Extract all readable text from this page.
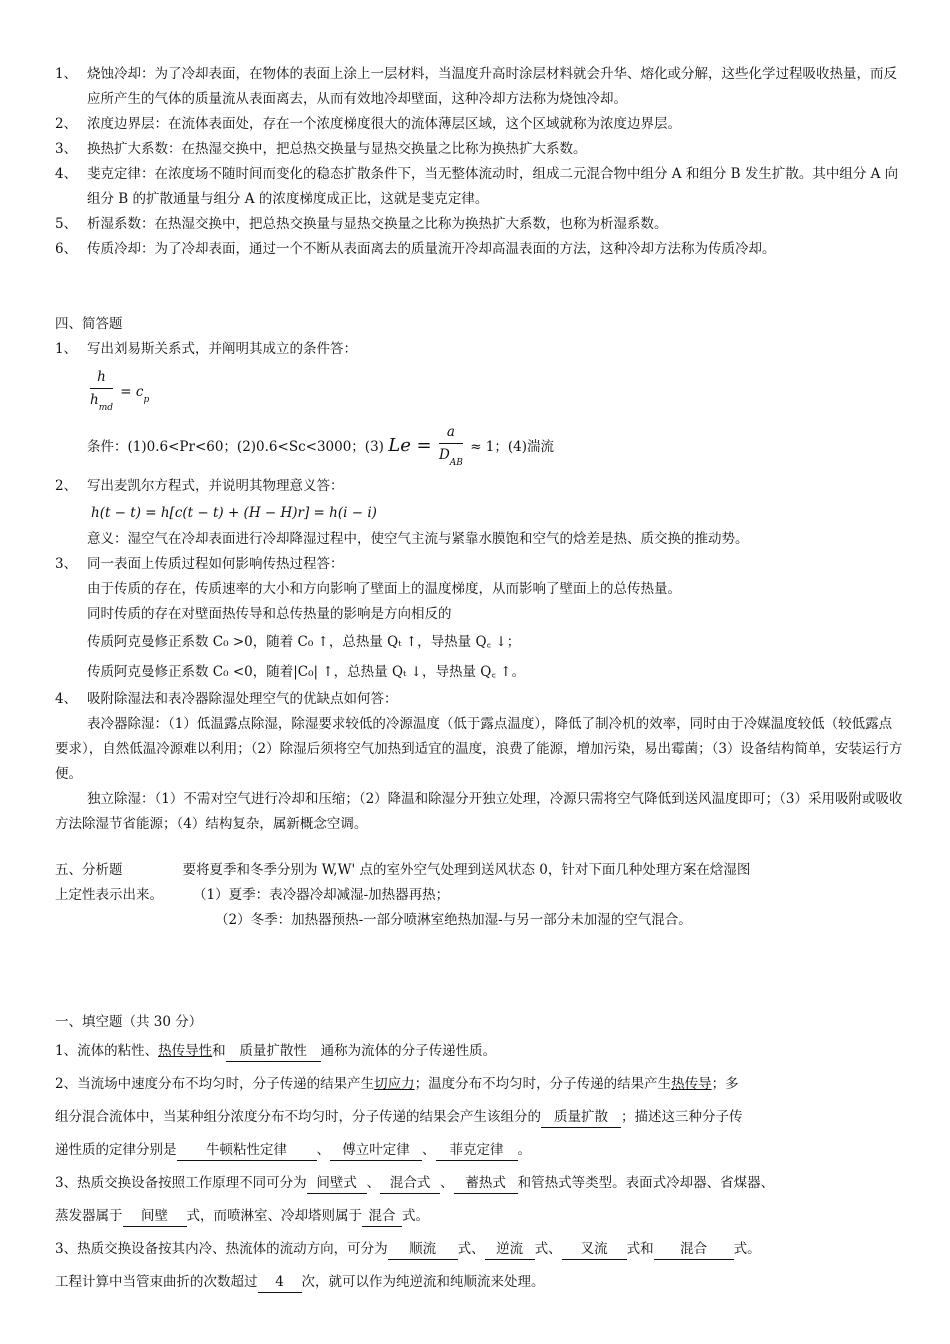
1、 烧蚀冷却：为了冷却表面，在物体的表面上涂上一层材料，当温度升高时涂层材料就会升华、熔化或分解，这些化学过程吸收热量，而反应所产生的气体的质量流从表面离去，从而有效地冷却壁面，这种冷却方法称为烧蚀冷却。
2、 浓度边界层：在流体表面处，存在一个浓度梯度很大的流体薄层区域，这个区域就称为浓度边界层。
3、 换热扩大系数：在热湿交换中，把总热交换量与显热交换量之比称为换热扩大系数。
4、 斐克定律：在浓度场不随时间而变化的稳态扩散条件下，当无整体流动时，组成二元混合物中组分 A 和组分 B 发生扩散。其中组分 A 向组分 B 的扩散通量与组分 A 的浓度梯度成正比，这就是斐克定律。
5、 析湿系数：在热湿交换中，把总热交换量与显热交换量之比称为换热扩大系数，也称为析湿系数。
6、 传质冷却：为了冷却表面，通过一个不断从表面离去的质量流开冷却高温表面的方法，这种冷却方法称为传质冷却。
四、简答题
1、 写出刘易斯关系式，并阐明其成立的条件答：
$\frac{h}{h_{md}} = c_p$
条件：(1)0.6<Pr<60；(2)0.6<Sc<3000；(3) $Le = \frac{a}{D_{AB}} \approx 1$；(4)湍流
2、 写出麦凯尔方程式，并说明其物理意义答：
h(t − t) = h[c(t − t) + (H − H)r] = h(i − i)
意义：湿空气在冷却表面进行冷却降湿过程中，使空气主流与紧靠水膜饱和空气的焓差是热、质交换的推动势。
3、 同一表面上传质过程如何影响传热过程答：
由于传质的存在，传质速率的大小和方向影响了壁面上的温度梯度，从而影响了壁面上的总传热量。
同时传质的存在对壁面热传导和总传热量的影响是方向相反的
传质阿克曼修正系数 C₀ >0，随着 C₀ ↑，总热量 Qₜ ↑，导热量 Q꜀ ↓；
传质阿克曼修正系数 C₀ <0，随着|C₀| ↑，总热量 Qₜ ↓，导热量 Q꜀ ↑。
4、 吸附除湿法和表冷器除湿处理空气的优缺点如何答：
表冷器除湿：（1）低温露点除湿，除湿要求较低的冷源温度（低于露点温度），降低了制冷机的效率，同时由于冷媒温度较低（较低露点要求），自然低温冷源难以利用；（2）除湿后须将空气加热到适宜的温度，浪费了能源，增加污染，易出霉菌；（3）设备结构简单，安装运行方便。
独立除湿：（1）不需对空气进行冷却和压缩；（2）降温和除湿分开独立处理，冷源只需将空气降低到送风温度即可；（3）采用吸附或吸收方法除湿节省能源；（4）结构复杂，属新概念空调。
五、分析题	要将夏季和冬季分别为 W,W' 点的室外空气处理到送风状态 0，针对下面几种处理方案在焓湿图
上定性表示出来。 （1）夏季：表冷器冷却减湿-加热器再热；
（2）冬季：加热器预热-一部分喷淋室绝热加湿-与另一部分未加湿的空气混合。
一、填空题（共 30 分）
1、流体的粘性、热传导性和 质量扩散性 通称为流体的分子传递性质。
2、当流场中速度分布不均匀时，分子传递的结果产生切应力；温度分布不均匀时，分子传递的结果产生热传导；多
组分混合流体中，当某种组分浓度分布不均匀时，分子传递的结果会产生该组分的 质量扩散 ；描述这三种分子传
递性质的定律分别是 牛顿粘性定律 、 傅立叶定律 、 菲克定律 。
3、热质交换设备按照工作原理不同可分为 间壁式 、 混合式 、 蓄热式 和管热式等类型。表面式冷却器、省煤器、
蒸发器属于 间壁 式，而喷淋室、冷却塔则属于 混合 式。
3、热质交换设备按其内冷、热流体的流动方向，可分为 顺流 式、 逆流 式、 叉流 式和 混合 式。
工程计算中当管束曲折的次数超过 4 次，就可以作为纯逆流和纯顺流来处理。
